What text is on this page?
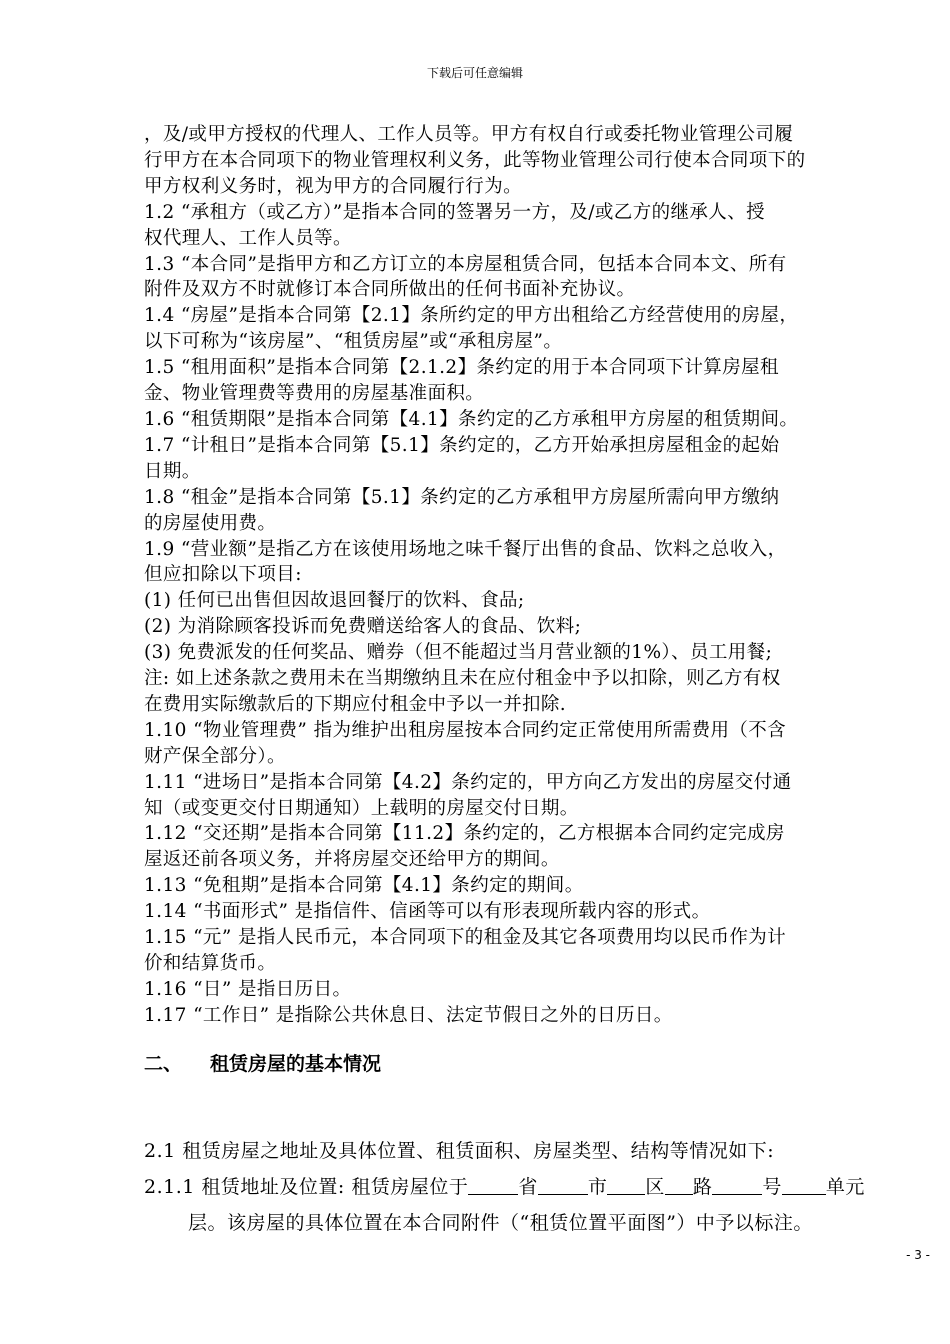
下载后可任意编辑
，及/或甲方授权的代理人、工作人员等。甲方有权自行或委托物业管理公司履
行甲方在本合同项下的物业管理权利义务，此等物业管理公司行使本合同项下的
甲方权利义务时，视为甲方的合同履行行为。
1.2 “承租方（或乙方）”是指本合同的签署另一方，及/或乙方的继承人、授
权代理人、工作人员等。
1.3 “本合同”是指甲方和乙方订立的本房屋租赁合同，包括本合同本文、所有
附件及双方不时就修订本合同所做出的任何书面补充协议。
1.4 “房屋”是指本合同第【2.1】条所约定的甲方出租给乙方经营使用的房屋，
以下可称为“该房屋”、“租赁房屋”或“承租房屋”。
1.5 “租用面积”是指本合同第【2.1.2】条约定的用于本合同项下计算房屋租
金、物业管理费等费用的房屋基准面积。
1.6 “租赁期限”是指本合同第【4.1】条约定的乙方承租甲方房屋的租赁期间。
1.7 “计租日”是指本合同第【5.1】条约定的，乙方开始承担房屋租金的起始
日期。
1.8 “租金”是指本合同第【5.1】条约定的乙方承租甲方房屋所需向甲方缴纳
的房屋使用费。
1.9 “营业额”是指乙方在该使用场地之味千餐厅出售的食品、饮料之总收入，
但应扣除以下项目:
(1) 任何已出售但因故退回餐厅的饮料、食品;
(2) 为消除顾客投诉而免费赠送给客人的食品、饮料;
(3) 免费派发的任何奖品、赠券（但不能超过当月营业额的1%）、员工用餐;
注: 如上述条款之费用未在当期缴纳且未在应付租金中予以扣除，则乙方有权
在费用实际缴款后的下期应付租金中予以一并扣除.
1.10 “物业管理费” 指为维护出租房屋按本合同约定正常使用所需费用（不含
财产保全部分）。
1.11 “进场日”是指本合同第【4.2】条约定的，甲方向乙方发出的房屋交付通
知（或变更交付日期通知）上载明的房屋交付日期。
1.12 “交还期”是指本合同第【11.2】条约定的，乙方根据本合同约定完成房
屋返还前各项义务，并将房屋交还给甲方的期间。
1.13 “免租期”是指本合同第【4.1】条约定的期间。
1.14 “书面形式” 是指信件、信函等可以有形表现所载内容的形式。
1.15 “元” 是指人民币元，本合同项下的租金及其它各项费用均以民币作为计
价和结算货币。
1.16 “日” 是指日历日。
1.17 “工作日” 是指除公共休息日、法定节假日之外的日历日。
二、 租赁房屋的基本情况
2.1 租赁房屋之地址及具体位置、租赁面积、房屋类型、结构等情况如下:
2.1.1 租赁地址及位置: 租赁房屋位于	省	市 区 路	号 单元
层。该房屋的具体位置在本合同附件（“租赁位置平面图”）中予以标注。
- 3 -
